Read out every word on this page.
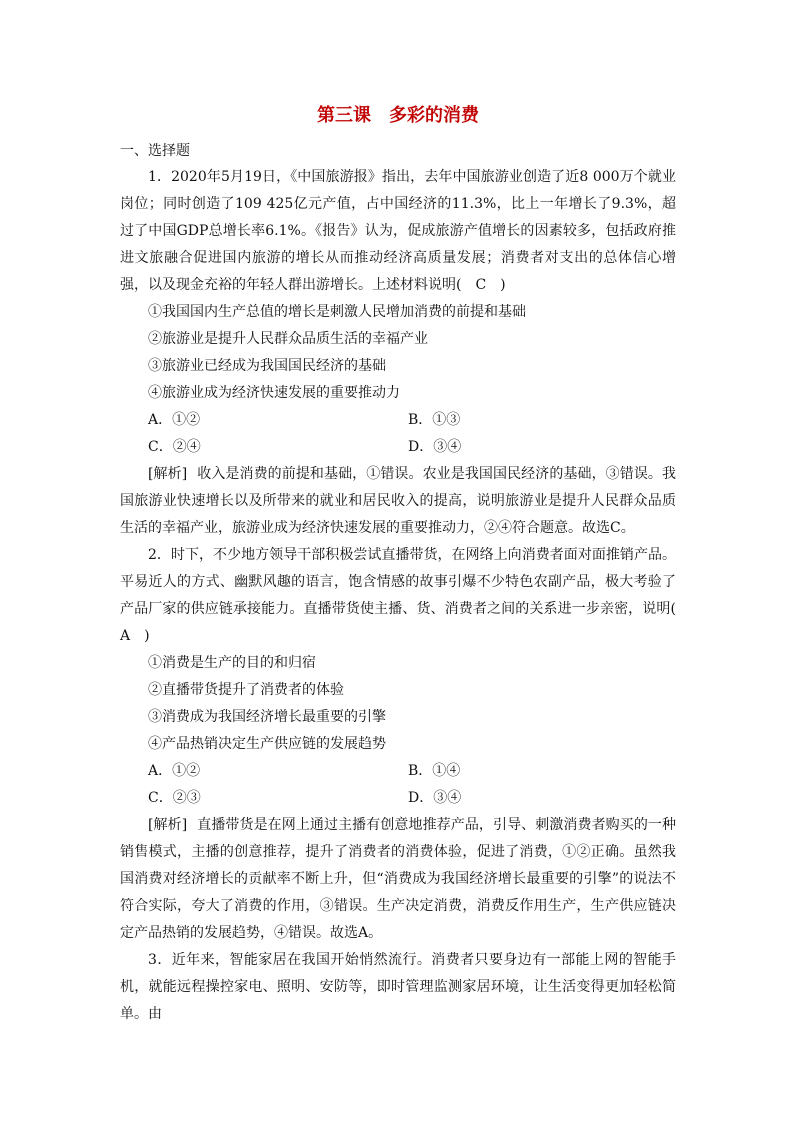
第三课　多彩的消费
一、选择题

1．2020年5月19日，《中国旅游报》指出，去年中国旅游业创造了近8 000万个就业岗位；同时创造了109 425亿元产值，占中国经济的11.3%，比上一年增长了9.3%，超过了中国GDP总增长率6.1%。《报告》认为，促成旅游产值增长的因素较多，包括政府推进文旅融合促进国内旅游的增长从而推动经济高质量发展；消费者对支出的总体信心增强，以及现金充裕的年轻人群出游增长。上述材料说明(　C　)

①我国国内生产总值的增长是刺激人民增加消费的前提和基础

②旅游业是提升人民群众品质生活的幸福产业

③旅游业已经成为我国国民经济的基础

④旅游业成为经济快速发展的重要推动力

A．①②	B．①③
C．②④	D．③④

[解析] 收入是消费的前提和基础，①错误。农业是我国国民经济的基础，③错误。我国旅游业快速增长以及所带来的就业和居民收入的提高，说明旅游业是提升人民群众品质生活的幸福产业，旅游业成为经济快速发展的重要推动力，②④符合题意。故选C。

2．时下，不少地方领导干部积极尝试直播带货，在网络上向消费者面对面推销产品。平易近人的方式、幽默风趣的语言，饱含情感的故事引爆不少特色农副产品，极大考验了产品厂家的供应链承接能力。直播带货使主播、货、消费者之间的关系进一步亲密，说明(　A　)

①消费是生产的目的和归宿

②直播带货提升了消费者的体验

③消费成为我国经济增长最重要的引擎

④产品热销决定生产供应链的发展趋势

A．①②	B．①④
C．②③	D．③④

[解析] 直播带货是在网上通过主播有创意地推荐产品，引导、刺激消费者购买的一种销售模式，主播的创意推荐，提升了消费者的消费体验，促进了消费，①②正确。虽然我国消费对经济增长的贡献率不断上升，但“消费成为我国经济增长最重要的引擎”的说法不符合实际，夸大了消费的作用，③错误。生产决定消费，消费反作用生产，生产供应链决定产品热销的发展趋势，④错误。故选A。

3．近年来，智能家居在我国开始悄然流行。消费者只要身边有一部能上网的智能手机，就能远程操控家电、照明、安防等，即时管理监测家居环境，让生活变得更加轻松简单。由
